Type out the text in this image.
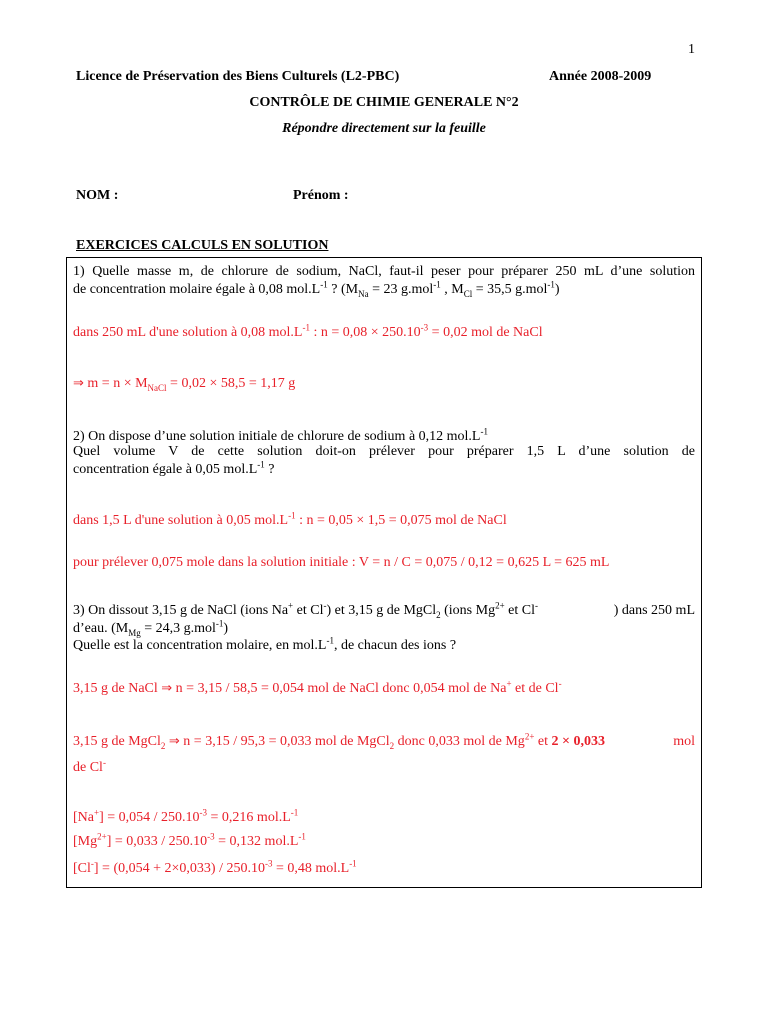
1
Licence de Préservation des Biens Culturels (L2-PBC)	Année 2008-2009
CONTRÔLE DE CHIMIE GENERALE N°2
Répondre directement sur la feuille
NOM :	Prénom :
EXERCICES CALCULS EN SOLUTION
1) Quelle masse m, de chlorure de sodium, NaCl, faut-il peser pour préparer 250 mL d’une solution
de concentration molaire égale à 0,08 $mol.L^{-1}$ ? ($M_{Na} = 23$ g.mol$^{-1}$ , $M_{Cl} = 35,5$ g.mol$^{-1}$)
dans 250 mL d'une solution à 0,08 $mol.L^{-1}$ : $n = 0,08 \times 250.10^{-3} = 0,02$ mol de NaCl
⇒ $m = n \times M_{NaCl} = 0,02 \times 58,5 = 1,17$ g
2) On dispose d’une solution initiale de chlorure de sodium à 0,12 $mol.L^{-1}$
Quel volume V de cette solution doit-on prélever pour préparer 1,5 L d’une solution de
concentration égale à 0,05 $mol.L^{-1}$ ?
dans 1,5 L d'une solution à 0,05 $mol.L^{-1}$ : n = 0,05 × 1,5 = 0,075 mol de NaCl
pour prélever 0,075 mole dans la solution initiale : V = n / C = 0,075 / 0,12 = 0,625 L = 625 mL
3) On dissout 3,15 g de NaCl (ions Na+ et Cl-) et 3,15 g de MgCl$_2$ (ions $Mg^{2+}$ et Cl-	) dans 250 mL
d’eau. ($M_{Mg} = 24,3$ g.mol$^{-1}$)
Quelle est la concentration molaire, en $mol.L^{-1}$, de chacun des ions ?
3,15 g de NaCl ⇒ n = 3,15 / 58,5 = 0,054 mol de NaCl donc 0,054 mol de Na+ et de Cl-
3,15 g de MgCl$_2$ ⇒ n = 3,15 / 95,3 = 0,033 mol de MgCl$_2$ donc 0,033 mol de $Mg^{2+}$ et 2 × 0,033	mol
de Cl-
$[Na^+] = 0,054 / 250.10^{-3} = 0,216$ $mol.L^{-1}$
$[Mg^{2+}] = 0,033 / 250.10^{-3} = 0,132$ $mol.L^{-1}$
$[Cl^-] = (0,054 + 2\times 0,033) / 250.10^{-3} = 0,48$ $mol.L^{-1}$
